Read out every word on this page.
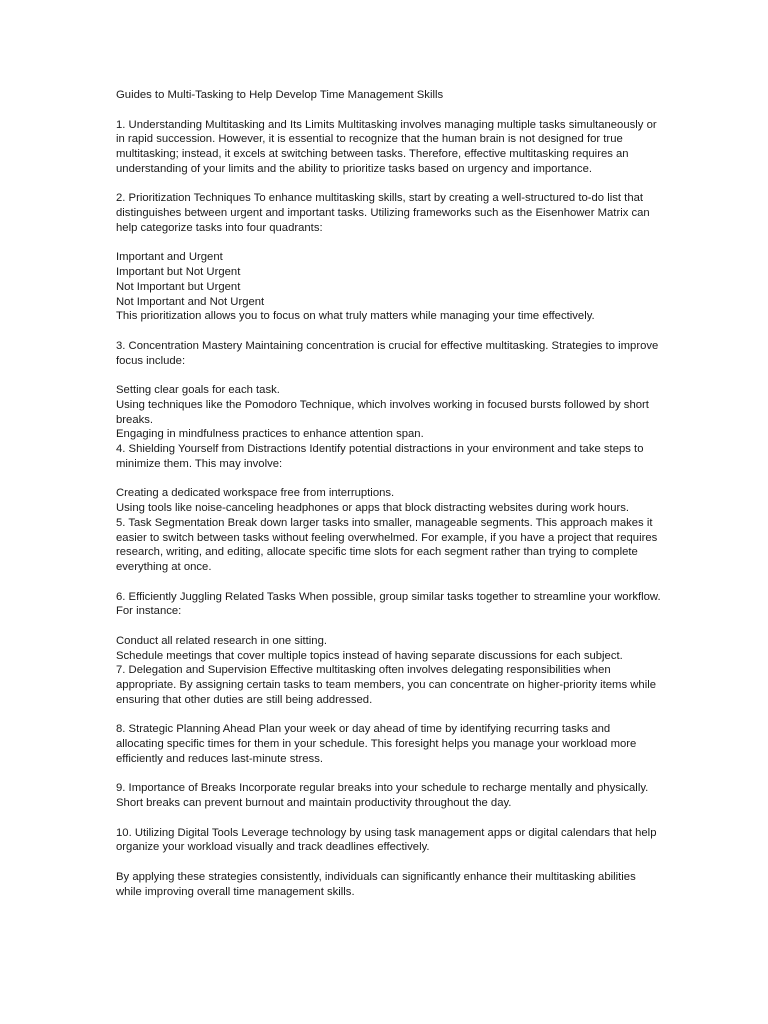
Guides to Multi-Tasking to Help Develop Time Management Skills

1. Understanding Multitasking and Its Limits Multitasking involves managing multiple tasks simultaneously or in rapid succession. However, it is essential to recognize that the human brain is not designed for true multitasking; instead, it excels at switching between tasks. Therefore, effective multitasking requires an understanding of your limits and the ability to prioritize tasks based on urgency and importance.

2. Prioritization Techniques To enhance multitasking skills, start by creating a well-structured to-do list that distinguishes between urgent and important tasks. Utilizing frameworks such as the Eisenhower Matrix can help categorize tasks into four quadrants:

Important and Urgent

Important but Not Urgent

Not Important but Urgent

Not Important and Not Urgent

This prioritization allows you to focus on what truly matters while managing your time effectively.

3. Concentration Mastery Maintaining concentration is crucial for effective multitasking. Strategies to improve focus include:

Setting clear goals for each task.

Using techniques like the Pomodoro Technique, which involves working in focused bursts followed by short breaks.

Engaging in mindfulness practices to enhance attention span.

4. Shielding Yourself from Distractions Identify potential distractions in your environment and take steps to minimize them. This may involve:

Creating a dedicated workspace free from interruptions.

Using tools like noise-canceling headphones or apps that block distracting websites during work hours.

5. Task Segmentation Break down larger tasks into smaller, manageable segments. This approach makes it easier to switch between tasks without feeling overwhelmed. For example, if you have a project that requires research, writing, and editing, allocate specific time slots for each segment rather than trying to complete everything at once.

6. Efficiently Juggling Related Tasks When possible, group similar tasks together to streamline your workflow. For instance:

Conduct all related research in one sitting.

Schedule meetings that cover multiple topics instead of having separate discussions for each subject.

7. Delegation and Supervision Effective multitasking often involves delegating responsibilities when appropriate. By assigning certain tasks to team members, you can concentrate on higher-priority items while ensuring that other duties are still being addressed.

8. Strategic Planning Ahead Plan your week or day ahead of time by identifying recurring tasks and allocating specific times for them in your schedule. This foresight helps you manage your workload more efficiently and reduces last-minute stress.

9. Importance of Breaks Incorporate regular breaks into your schedule to recharge mentally and physically. Short breaks can prevent burnout and maintain productivity throughout the day.

10. Utilizing Digital Tools Leverage technology by using task management apps or digital calendars that help organize your workload visually and track deadlines effectively.

By applying these strategies consistently, individuals can significantly enhance their multitasking abilities while improving overall time management skills.
